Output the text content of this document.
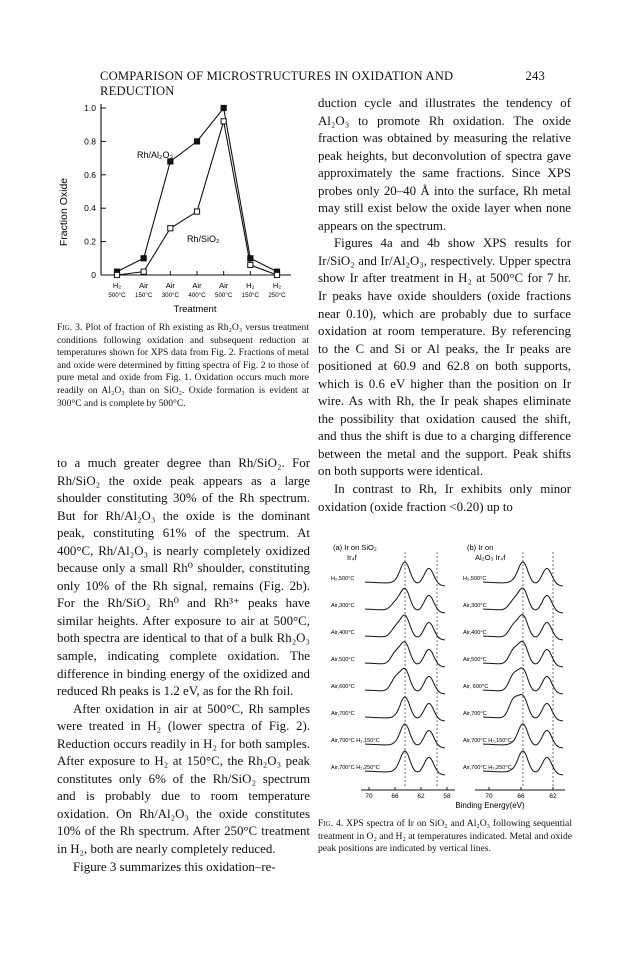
COMPARISON OF MICROSTRUCTURES IN OXIDATION AND REDUCTION
243
1.0
0.8
0.6
0.4
0.2
0
Fraction Oxide
Rh/Al₂O₃
Rh/SiO₂
H₂ Air Air Air Air H₂ H₂
500°C 150°C 300°C 400°C 500°C 150°C 250°C
Treatment
Fig. 3. Plot of fraction of Rh existing as Rh₂O₃ versus treatment conditions following oxidation and subsequent reduction at temperatures shown for XPS data from Fig. 2. Fractions of metal and oxide were determined by fitting spectra of Fig. 2 to those of pure metal and oxide from Fig. 1. Oxidation occurs much more readily on Al₂O₃ than on SiO₂. Oxide formation is evident at 300°C and is complete by 500°C.

to a much greater degree than Rh/SiO₂. For Rh/SiO₂ the oxide peak appears as a large shoulder constituting 30% of the Rh spectrum. But for Rh/Al₂O₃ the oxide is the dominant peak, constituting 61% of the spectrum. At 400°C, Rh/Al₂O₃ is nearly completely oxidized because only a small Rh⁰ shoulder, constituting only 10% of the Rh signal, remains (Fig. 2b). For the Rh/SiO₂ Rh⁰ and Rh³⁺ peaks have similar heights. After exposure to air at 500°C, both spectra are identical to that of a bulk Rh₂O₃ sample, indicating complete oxidation. The difference in binding energy of the oxidized and reduced Rh peaks is 1.2 eV, as for the Rh foil.

After oxidation in air at 500°C, Rh samples were treated in H₂ (lower spectra of Fig. 2). Reduction occurs readily in H₂ for both samples. After exposure to H₂ at 150°C, the Rh₂O₃ peak constitutes only 6% of the Rh/SiO₂ spectrum and is probably due to room temperature oxidation. On Rh/Al₂O₃ the oxide constitutes 10% of the Rh spectrum. After 250°C treatment in H₂, both are nearly completely reduced.

Figure 3 summarizes this oxidation–re-

duction cycle and illustrates the tendency of Al₂O₃ to promote Rh oxidation. The oxide fraction was obtained by measuring the relative peak heights, but deconvolution of spectra gave approximately the same fractions. Since XPS probes only 20–40 Å into the surface, Rh metal may still exist below the oxide layer when none appears on the spectrum.

Figures 4a and 4b show XPS results for Ir/SiO₂ and Ir/Al₂O₃, respectively. Upper spectra show Ir after treatment in H₂ at 500°C for 7 hr. Ir peaks have oxide shoulders (oxide fractions near 0.10), which are probably due to surface oxidation at room temperature. By referencing to the C and Si or Al peaks, the Ir peaks are positioned at 60.9 and 62.8 on both supports, which is 0.6 eV higher than the position on Ir wire. As with Rh, the Ir peak shapes eliminate the possibility that oxidation caused the shift, and thus the shift is due to a charging difference between the metal and the support. Peak shifts on both supports were identical.

In contrast to Rh, Ir exhibits only minor oxidation (oxide fraction <0.20) up to

(a) Ir on SiO₂
Ir₄f
(b) Ir on
Al₂O₃ Ir₄f
H₂,500°C	H₂,500°C
Air,300°C	Air,300°C
Air,400°C	Air,400°C
Air,500°C	Air,500°C
Air,600°C	Air, 600°C
Air,700°C	Air,700°C
Air,700°C H₂,150°C	Air,700°C H₂,150°C
Air,700°C H₂,250°C	Air,700°C H₂,250°C
70	66	62	58	70	66	62
Binding Energy(eV)
Fig. 4. XPS spectra of Ir on SiO₂ and Al₂O₃ following sequential treatment in O₂ and H₂ at temperatures indicated. Metal and oxide peak positions are indicated by vertical lines.
